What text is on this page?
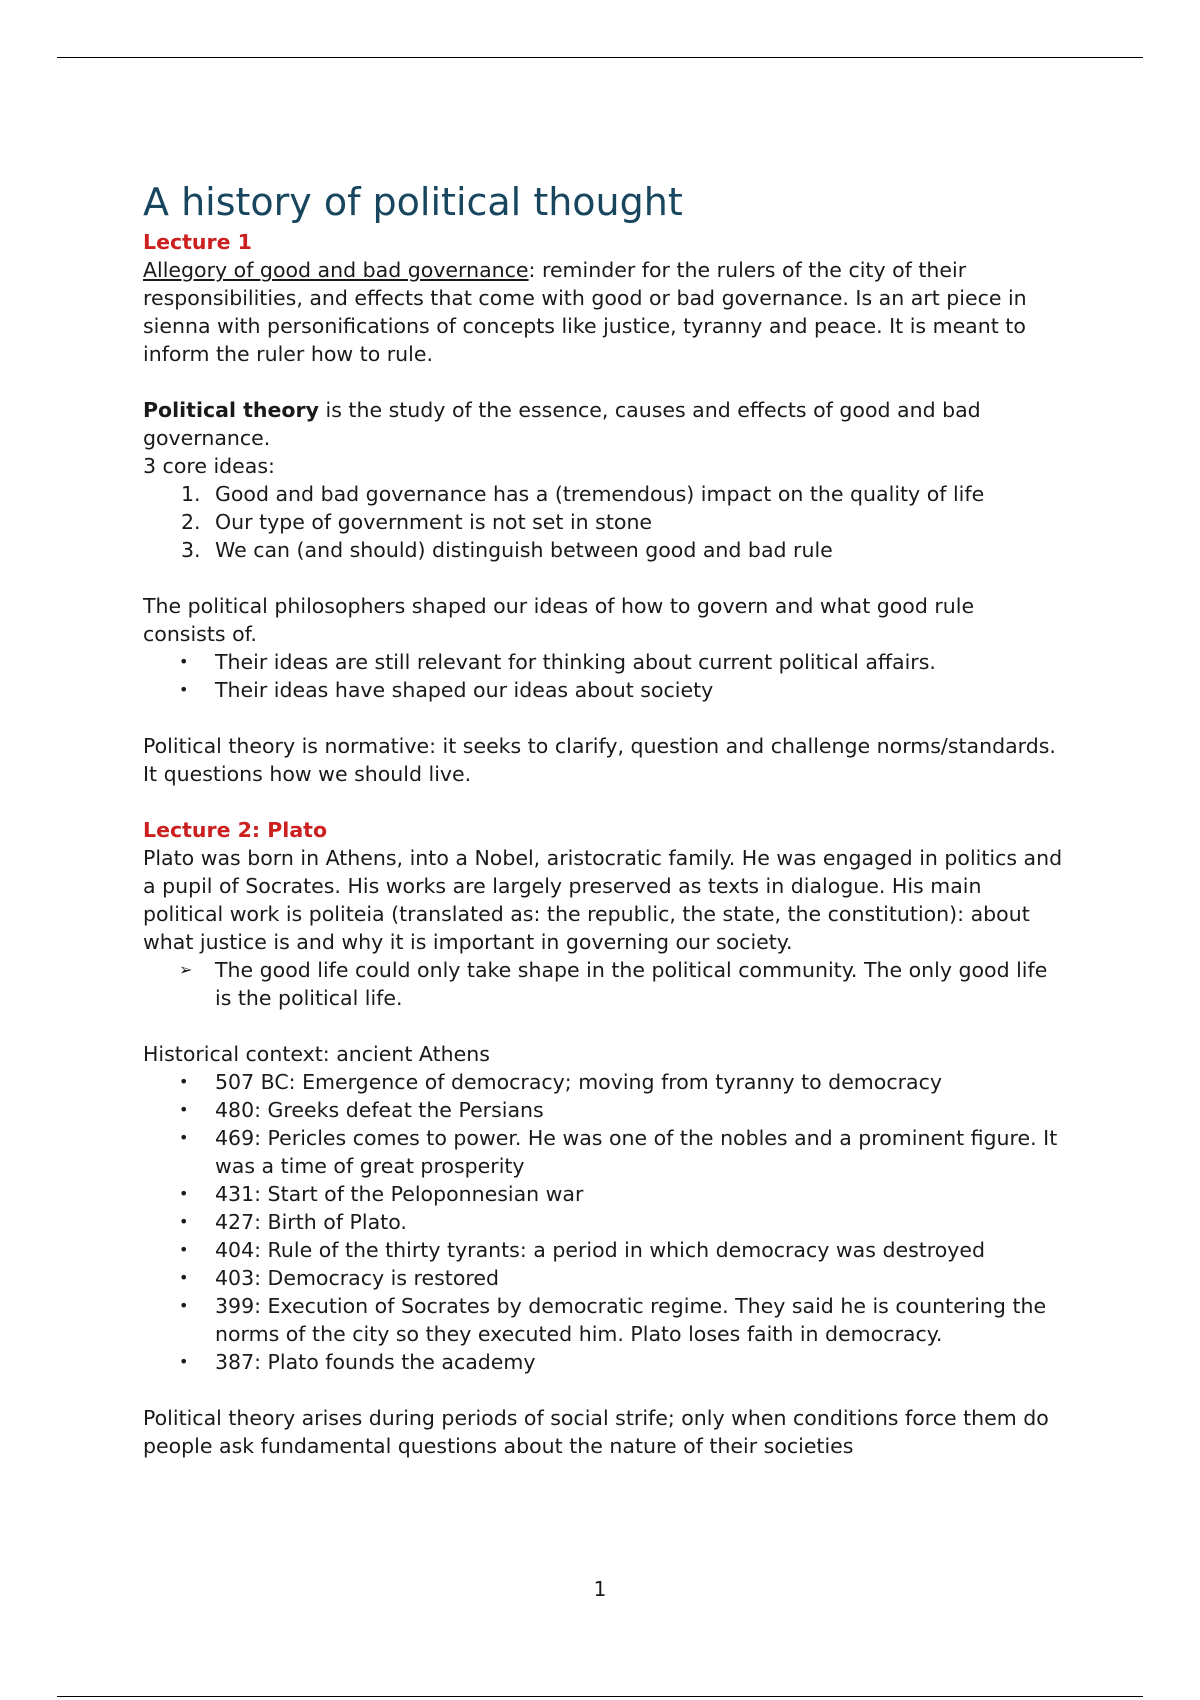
A history of political thought
Lecture 1

Allegory of good and bad governance: reminder for the rulers of the city of their responsibilities, and effects that come with good or bad governance. Is an art piece in sienna with personifications of concepts like justice, tyranny and peace. It is meant to inform the ruler how to rule.

Political theory is the study of the essence, causes and effects of good and bad governance.

3 core ideas:

1. Good and bad governance has a (tremendous) impact on the quality of life
2. Our type of government is not set in stone
3. We can (and should) distinguish between good and bad rule

The political philosophers shaped our ideas of how to govern and what good rule consists of.

•	Their ideas are still relevant for thinking about current political affairs.
•	Their ideas have shaped our ideas about society

Political theory is normative: it seeks to clarify, question and challenge norms/standards. It questions how we should live.

Lecture 2: Plato

Plato was born in Athens, into a Nobel, aristocratic family. He was engaged in politics and a pupil of Socrates. His works are largely preserved as texts in dialogue. His main political work is politeia (translated as: the republic, the state, the constitution): about what justice is and why it is important in governing our society.

➢	The good life could only take shape in the political community. The only good life is the political life.

Historical context: ancient Athens

•	507 BC: Emergence of democracy; moving from tyranny to democracy
•	480: Greeks defeat the Persians
•	469: Pericles comes to power. He was one of the nobles and a prominent figure. It was a time of great prosperity
•	431: Start of the Peloponnesian war
•	427: Birth of Plato.
•	404: Rule of the thirty tyrants: a period in which democracy was destroyed
•	403: Democracy is restored
•	399: Execution of Socrates by democratic regime. They said he is countering the norms of the city so they executed him. Plato loses faith in democracy.
•	387: Plato founds the academy

Political theory arises during periods of social strife; only when conditions force them do people ask fundamental questions about the nature of their societies

1
